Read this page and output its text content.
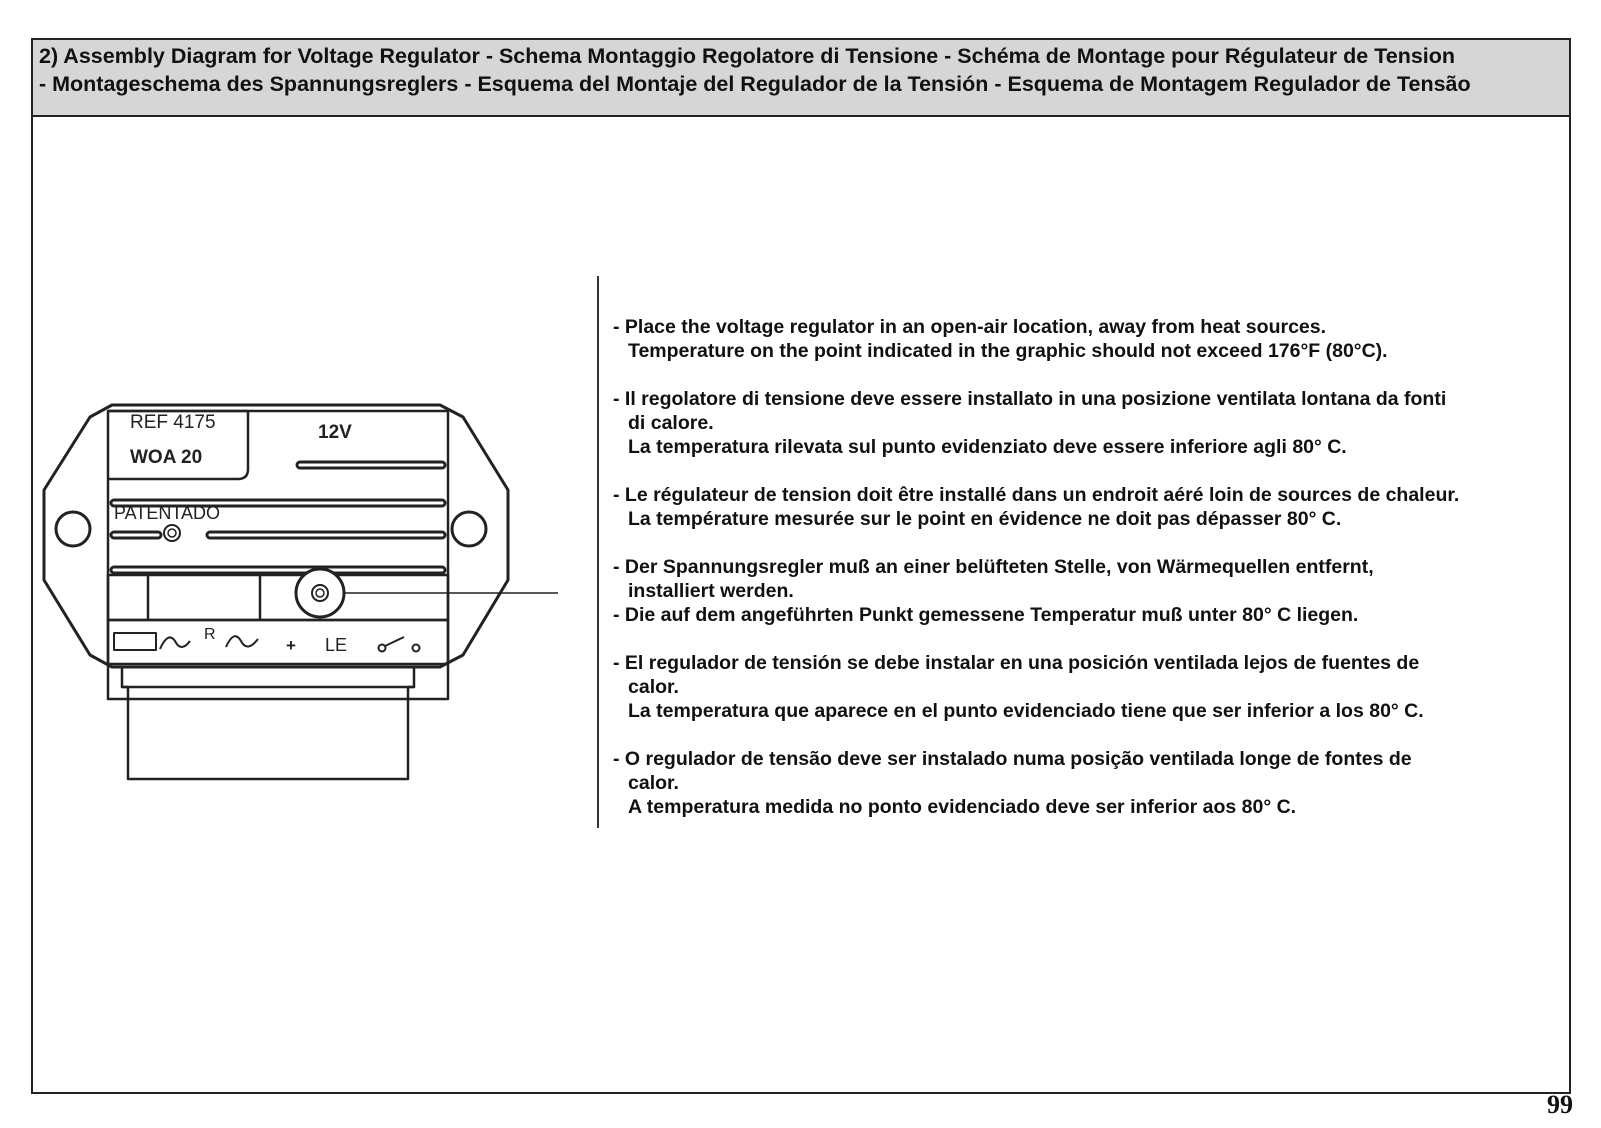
2) Assembly Diagram for Voltage Regulator - Schema Montaggio Regolatore di Tensione - Schéma de Montage pour Régulateur de Tension
- Montageschema des Spannungsreglers - Esquema del Montaje del Regulador de la Tensión - Esquema de Montagem Regulador de Tensão
REF 4175
WOA 20
12V
PATENTADO
R
+ LE
- Place the voltage regulator in an open-air location, away from heat sources.
Temperature on the point indicated in the graphic should not exceed 176°F (80°C).
- Il regolatore di tensione deve essere installato in una posizione ventilata lontana da fonti
di calore.
La temperatura rilevata sul punto evidenziato deve essere inferiore agli 80° C.
- Le régulateur de tension doit être installé dans un endroit aéré loin de sources de chaleur.
La température mesurée sur le point en évidence ne doit pas dépasser 80° C.
- Der Spannungsregler muß an einer belüfteten Stelle, von Wärmequellen entfernt,
installiert werden.
- Die auf dem angeführten Punkt gemessene Temperatur muß unter 80° C liegen.
- El regulador de tensión se debe instalar en una posición ventilada lejos de fuentes de
calor.
La temperatura que aparece en el punto evidenciado tiene que ser inferior a los 80° C.
- O regulador de tensão deve ser instalado numa posição ventilada longe de fontes de
calor.
A temperatura medida no ponto evidenciado deve ser inferior aos 80° C.
99
